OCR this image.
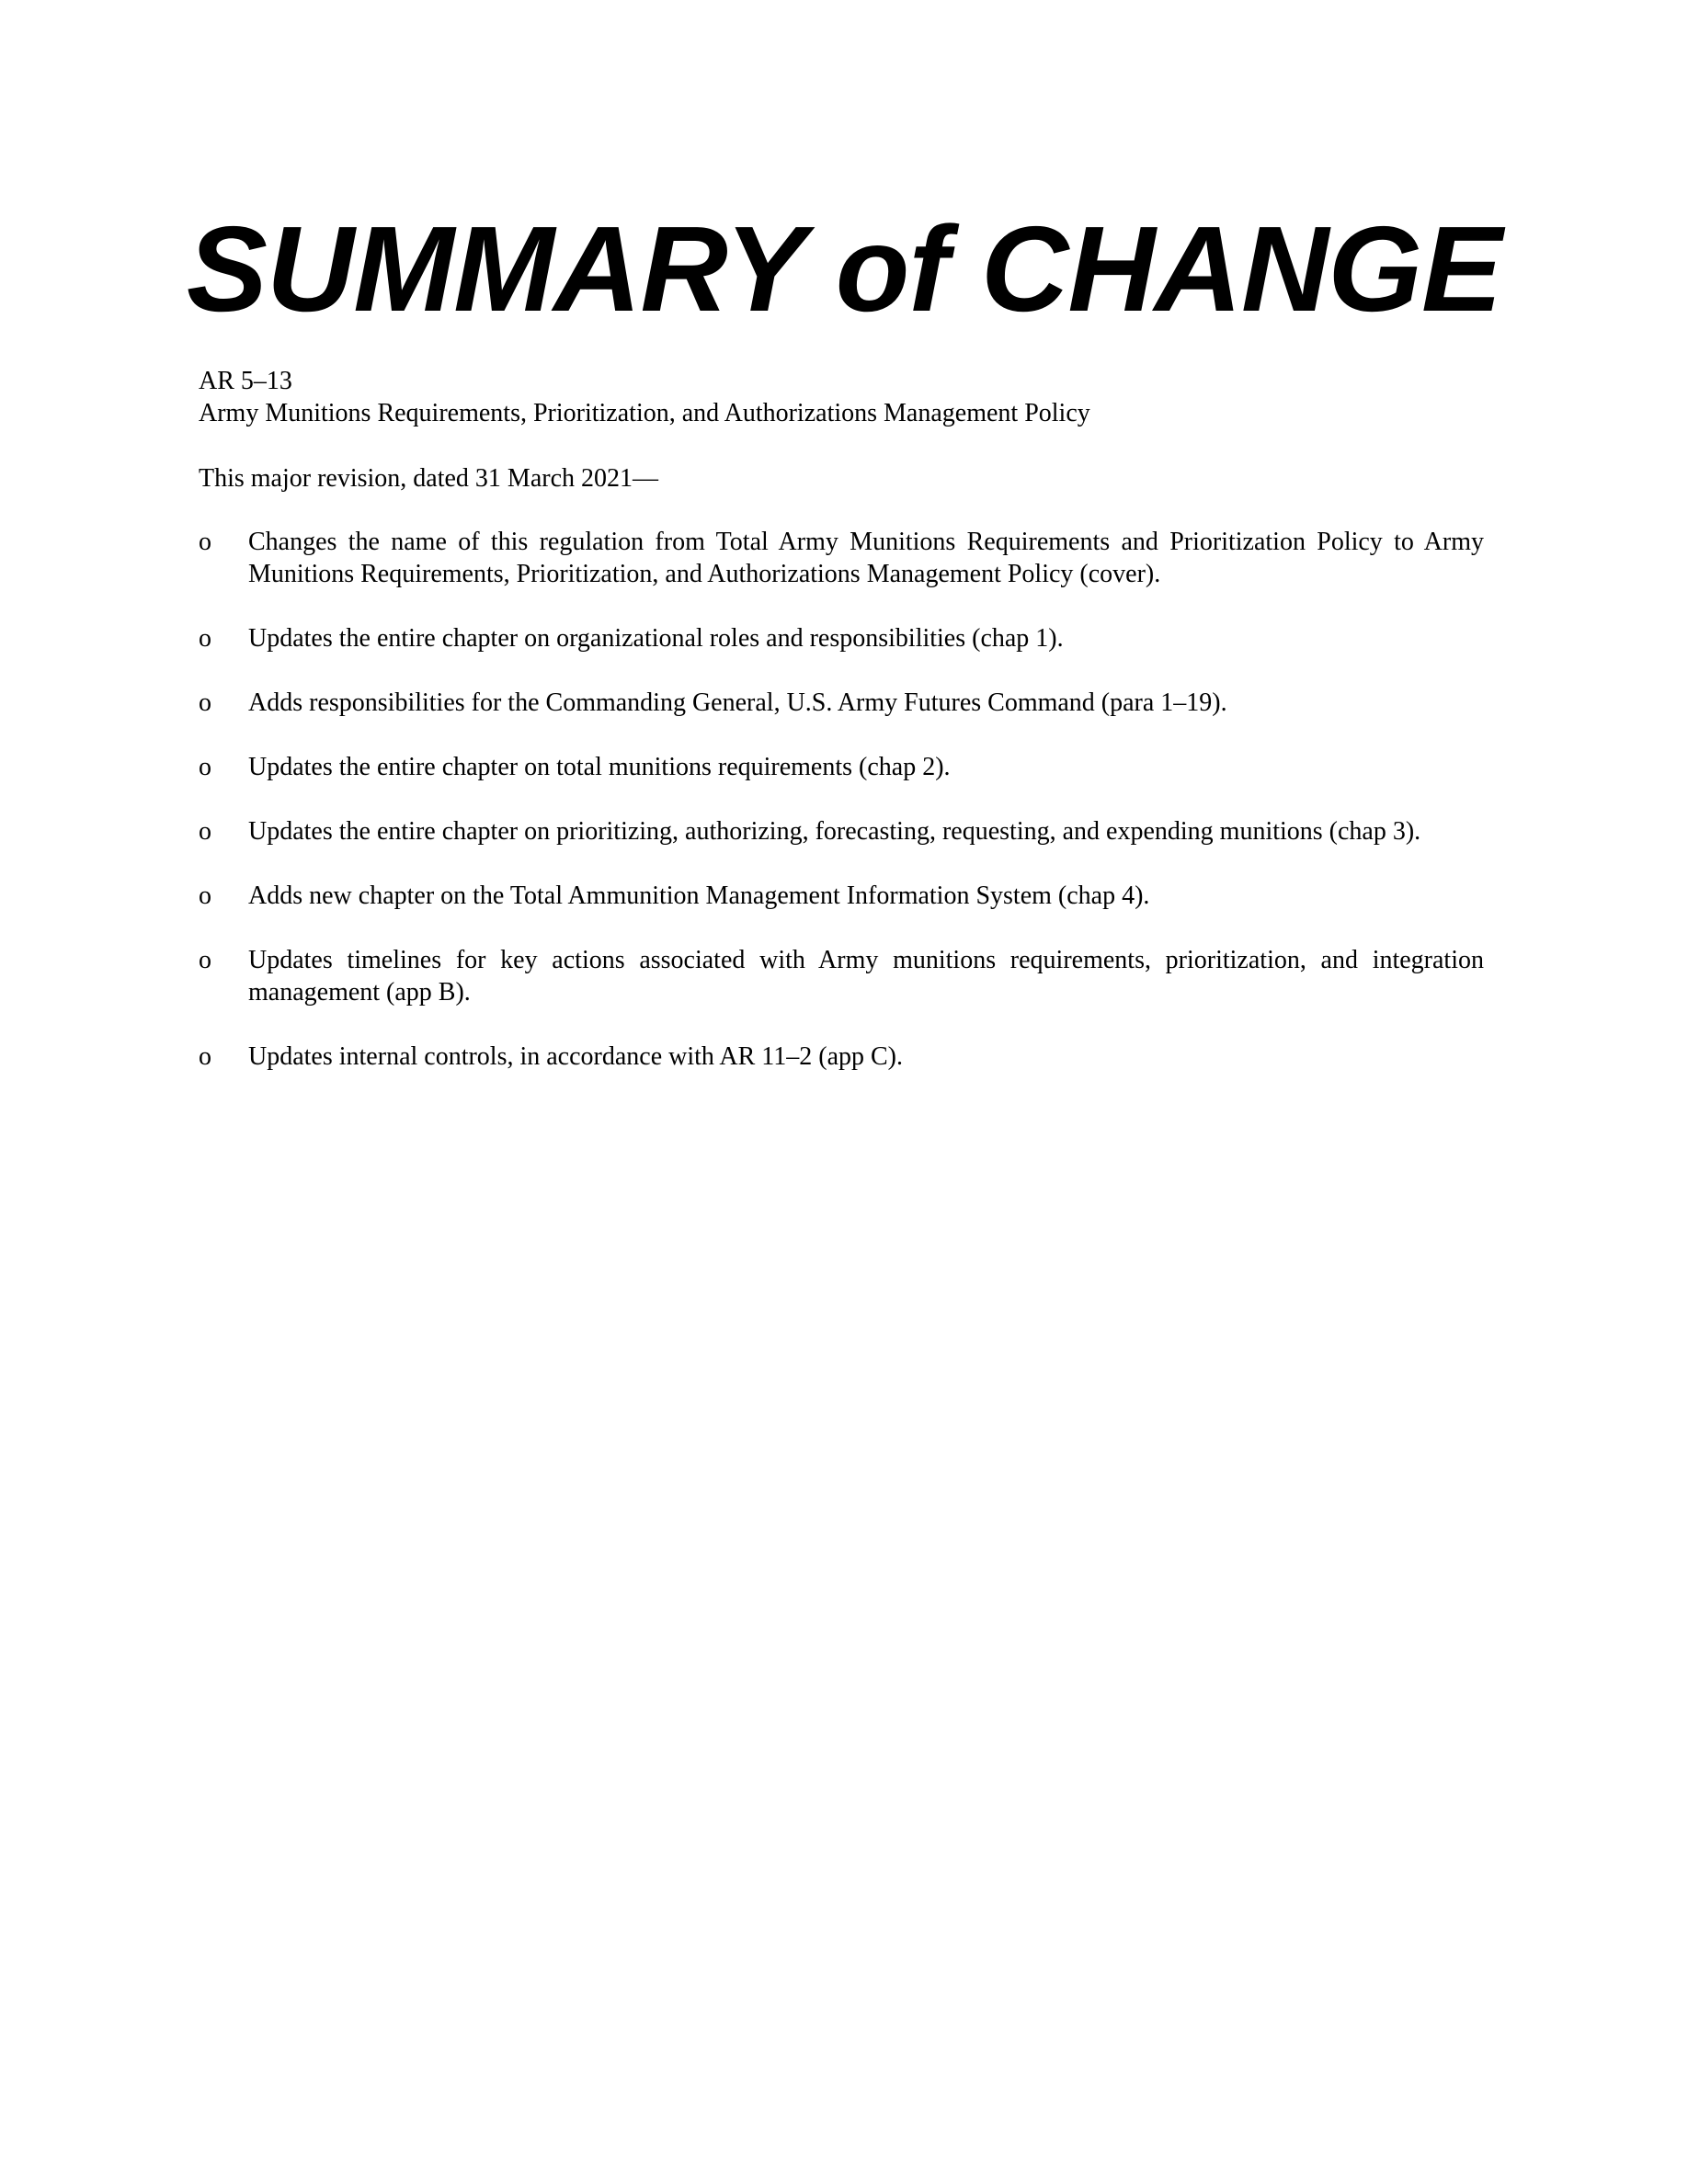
SUMMARY of CHANGE

AR 5–13

Army Munitions Requirements, Prioritization, and Authorizations Management Policy

This major revision, dated 31 March 2021—

o Changes the name of this regulation from Total Army Munitions Requirements and Prioritization Policy to Army Munitions Requirements, Prioritization, and Authorizations Management Policy (cover).
o Updates the entire chapter on organizational roles and responsibilities (chap 1).
o Adds responsibilities for the Commanding General, U.S. Army Futures Command (para 1–19).
o Updates the entire chapter on total munitions requirements (chap 2).
o Updates the entire chapter on prioritizing, authorizing, forecasting, requesting, and expending munitions (chap 3).
o Adds new chapter on the Total Ammunition Management Information System (chap 4).
o Updates timelines for key actions associated with Army munitions requirements, prioritization, and integration management (app B).
o Updates internal controls, in accordance with AR 11–2 (app C).
